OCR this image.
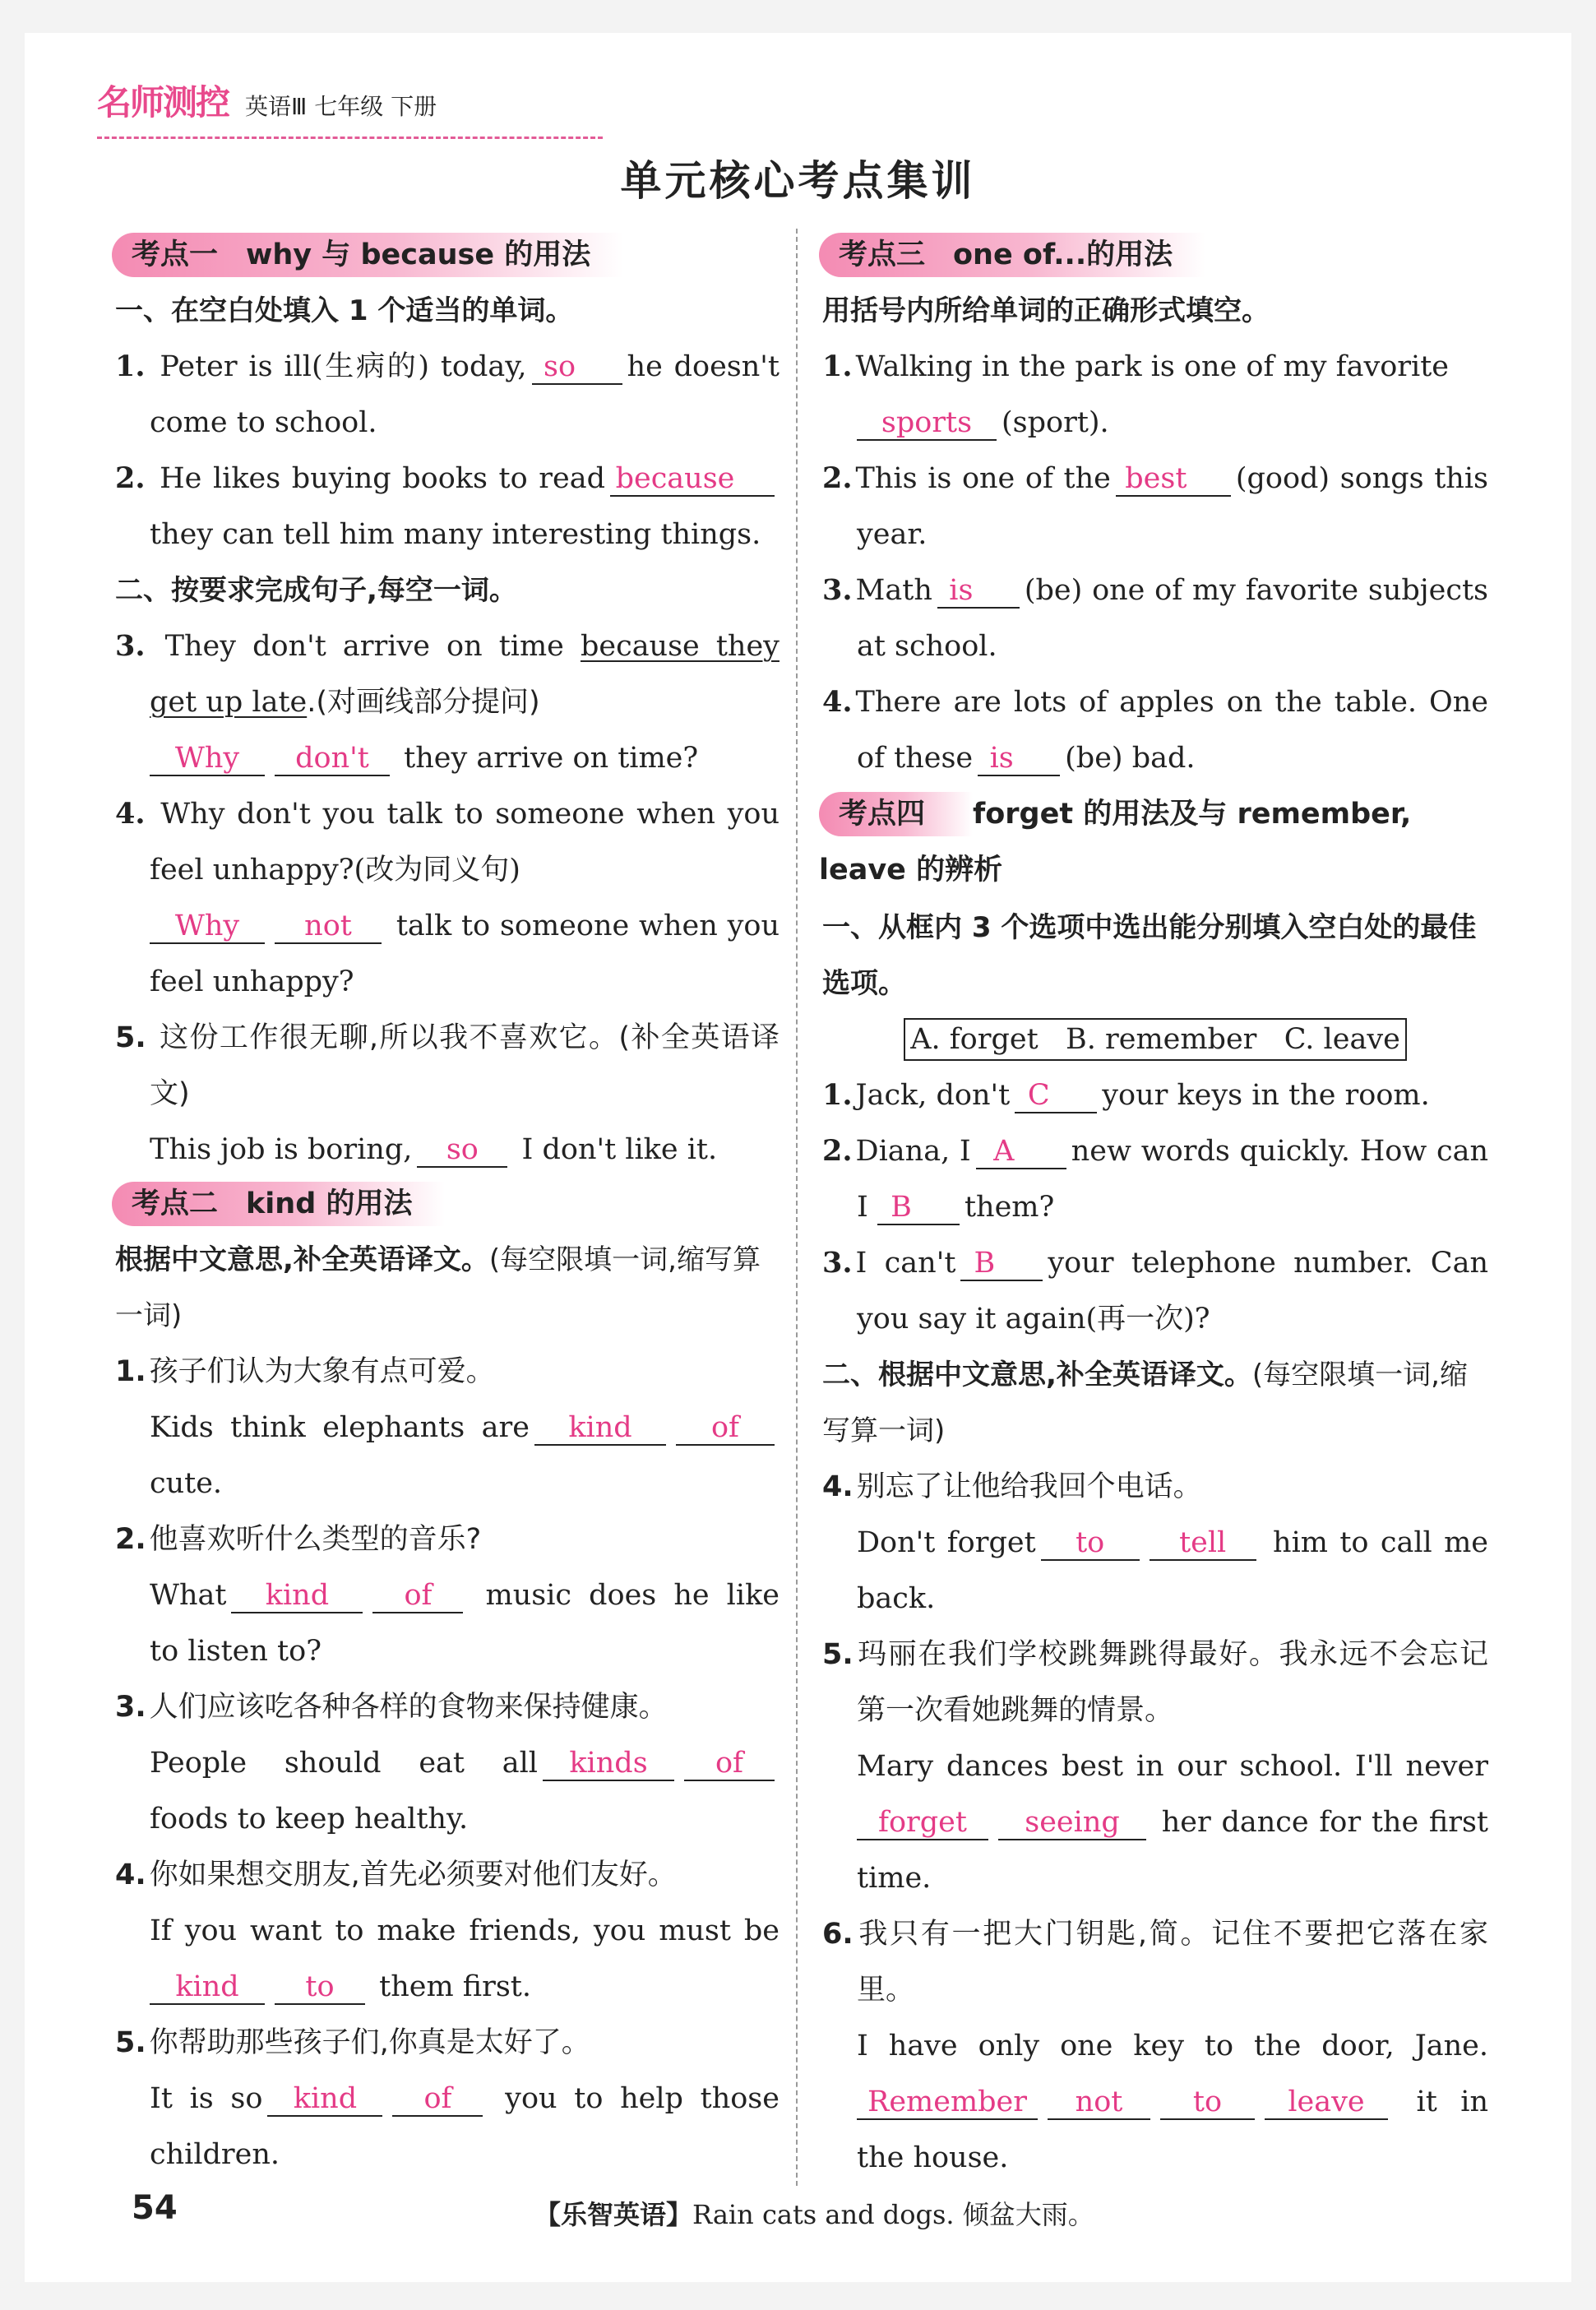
名师测控 英语Ⅲ 七年级 下册
单元核心考点集训
考点一 why 与 because 的用法
一、在空白处填入 1 个适当的单词。
1. Peter is ill(生病的) today, so he doesn't come to school.
2. He likes buying books to read becausethey can tell him many interesting things.
二、按要求完成句子,每空一词。
3. They don't arrive on time because they get up late.(对画线部分提问)
Why don't they arrive on time?
4. Why don't you talk to someone when you feel unhappy?(改为同义句)
Why not talk to someone when you feel unhappy?
5. 这份工作很无聊,所以我不喜欢它。(补全英语译文)
This job is boring, so I don't like it.
考点二 kind 的用法
根据中文意思,补全英语译文。(每空限填一词,缩写算一词)
1. 孩子们认为大象有点可爱。
Kids think elephants are kind	of cute.
2. 他喜欢听什么类型的音乐?
What kind	of music does he like to listen to?
3. 人们应该吃各种各样的食物来保持健康。
People should eat all kinds of foods to keep healthy.
4. 你如果想交朋友,首先必须要对他们友好。
If you want to make friends, you must be kind to them first.
5. 你帮助那些孩子们,你真是太好了。
It is so kind of you to help those children.
考点三 one of...的用法
用括号内所给单词的正确形式填空。
1. Walking in the park is one of my favorite
sports (sport).
2. This is one of the best (good) songs this year.
3. Math is (be) one of my favorite subjects at school.
4. There are lots of apples on the table. One of these is (be) bad.
考点四 forget 的用法及与 remember, leave 的辨析
一、从框内 3 个选项中选出能分别填入空白处的最佳选项。
A. forget   B. remember   C. leave
1. Jack, don't C your keys in the room.
2. Diana, I A new words quickly. How can I B them?
3. I can't B your telephone number. Can you say it again(再一次)?
二、根据中文意思,补全英语译文。(每空限填一词,缩写算一词)
4. 别忘了让他给我回个电话。
Don't forget to	tell him to call me back.
5. 玛丽在我们学校跳舞跳得最好。我永远不会忘记第一次看她跳舞的情景。
Mary dances best in our school. I'll never forget seeing her dance for the first time.
6. 我只有一把大门钥匙,简。记住不要把它落在家里。
I have only one key to the door, Jane. Remember not to leave it in the house.
54	【乐智英语】Rain cats and dogs. 倾盆大雨。
